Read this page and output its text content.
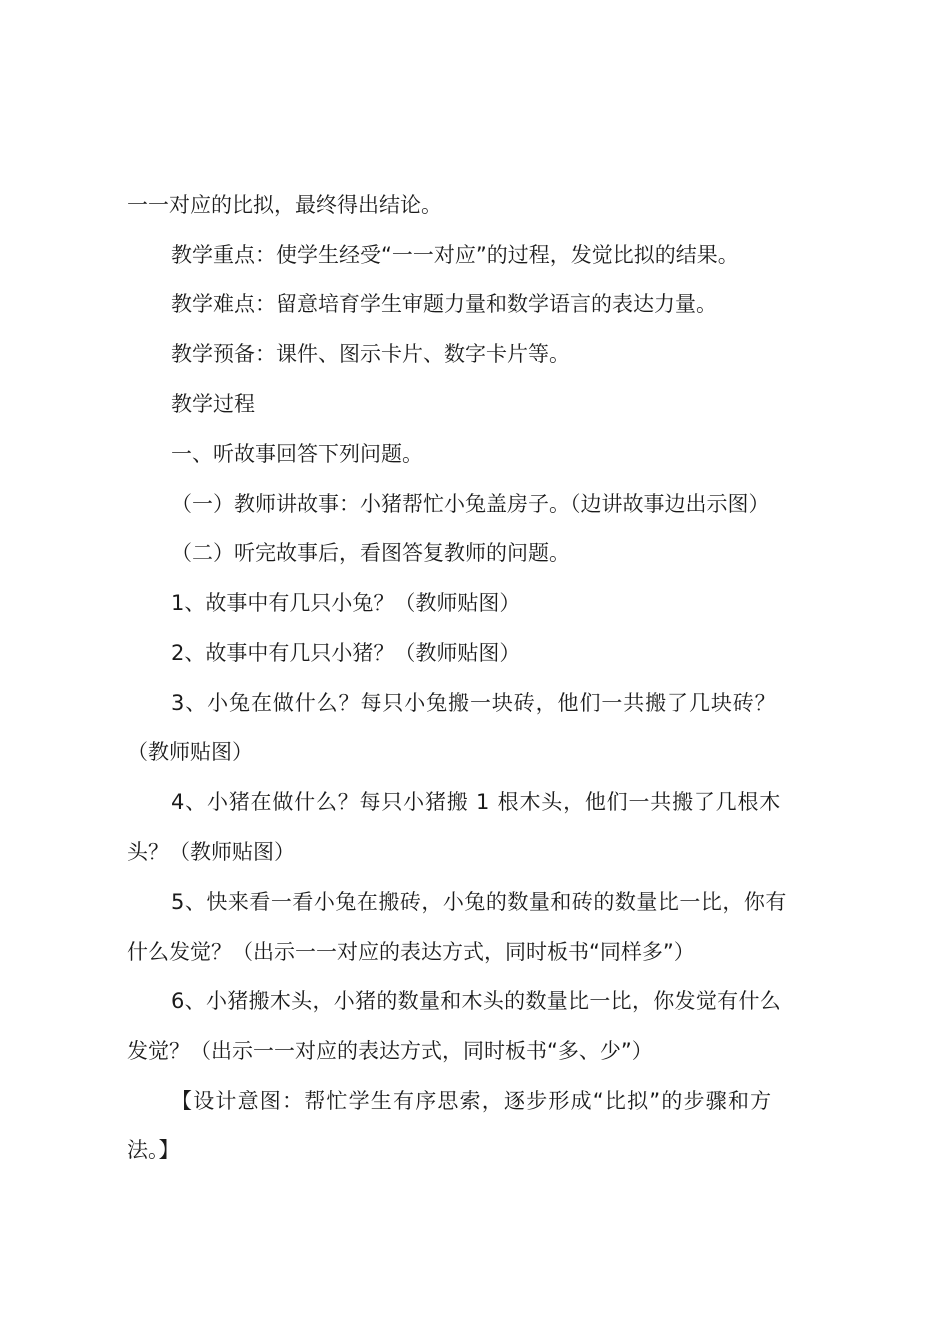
一一对应的比拟，最终得出结论。
教学重点：使学生经受“一一对应”的过程，发觉比拟的结果。
教学难点：留意培育学生审题力量和数学语言的表达力量。
教学预备：课件、图示卡片、数字卡片等。
教学过程
一、听故事回答下列问题。
（一）教师讲故事：小猪帮忙小兔盖房子。（边讲故事边出示图）
（二）听完故事后，看图答复教师的问题。
1、故事中有几只小兔？（教师贴图）
2、故事中有几只小猪？（教师贴图）
3、小兔在做什么？每只小兔搬一块砖，他们一共搬了几块砖？
（教师贴图）
4、小猪在做什么？每只小猪搬 1 根木头，他们一共搬了几根木
头？（教师贴图）
5、快来看一看小兔在搬砖，小兔的数量和砖的数量比一比，你有
什么发觉？（出示一一对应的表达方式，同时板书“同样多”）
6、小猪搬木头，小猪的数量和木头的数量比一比，你发觉有什么
发觉？（出示一一对应的表达方式，同时板书“多、少”）
【设计意图：帮忙学生有序思索，逐步形成“比拟”的步骤和方
法。】
